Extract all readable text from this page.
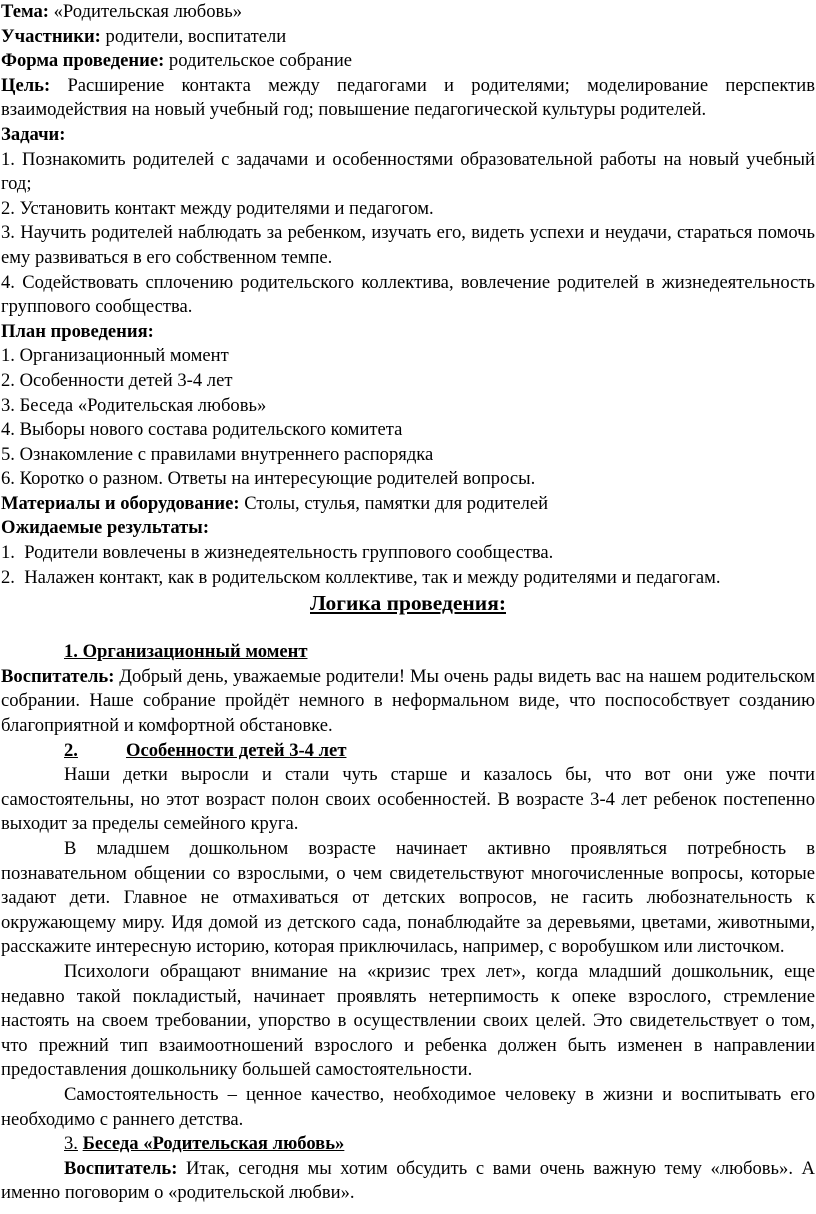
Тема: «Родительская любовь»

Участники: родители, воспитатели

Форма проведение: родительское собрание

Цель: Расширение контакта между педагогами и родителями; моделирование перспектив взаимодействия на новый учебный год; повышение педагогической культуры родителей.

Задачи:

1. Познакомить родителей с задачами и особенностями образовательной работы на новый учебный год;

2. Установить контакт между родителями и педагогом.

3. Научить родителей наблюдать за ребенком, изучать его, видеть успехи и неудачи, стараться помочь ему развиваться в его собственном темпе.

4. Содействовать сплочению родительского коллектива, вовлечение родителей в жизнедеятельность группового сообщества.

План проведения:

1. Организационный момент

2. Особенности детей 3-4 лет

3. Беседа «Родительская любовь»

4. Выборы нового состава родительского комитета

5. Ознакомление с правилами внутреннего распорядка

6. Коротко о разном. Ответы на интересующие родителей вопросы.

Материалы и оборудование: Столы, стулья, памятки для родителей

Ожидаемые результаты:

1. Родители вовлечены в жизнедеятельность группового сообщества.

2. Налажен контакт, как в родительском коллективе, так и между родителями и педагогам.

Логика проведения:

1. Организационный момент

Воспитатель: Добрый день, уважаемые родители! Мы очень рады видеть вас на нашем родительском собрании. Наше собрание пройдёт немного в неформальном виде, что поспособствует созданию благоприятной и комфортной обстановке.

2.	Особенности детей 3-4 лет

Наши детки выросли и стали чуть старше и казалось бы, что вот они уже почти самостоятельны, но этот возраст полон своих особенностей. В возрасте 3-4 лет ребенок постепенно выходит за пределы семейного круга.

В младшем дошкольном возрасте начинает активно проявляться потребность в познавательном общении со взрослыми, о чем свидетельствуют многочисленные вопросы, которые задают дети. Главное не отмахиваться от детских вопросов, не гасить любознательность к окружающему миру. Идя домой из детского сада, понаблюдайте за деревьями, цветами, животными, расскажите интересную историю, которая приключилась, например, с воробушком или листочком.

Психологи обращают внимание на «кризис трех лет», когда младший дошкольник, еще недавно такой покладистый, начинает проявлять нетерпимость к опеке взрослого, стремление настоять на своем требовании, упорство в осуществлении своих целей. Это свидетельствует о том, что прежний тип взаимоотношений взрослого и ребенка должен быть изменен в направлении предоставления дошкольнику большей самостоятельности.

Самостоятельность – ценное качество, необходимое человеку в жизни и воспитывать его необходимо с раннего детства.

3. Беседа «Родительская любовь»

Воспитатель: Итак, сегодня мы хотим обсудить с вами очень важную тему «любовь». А именно поговорим о «родительской любви».
